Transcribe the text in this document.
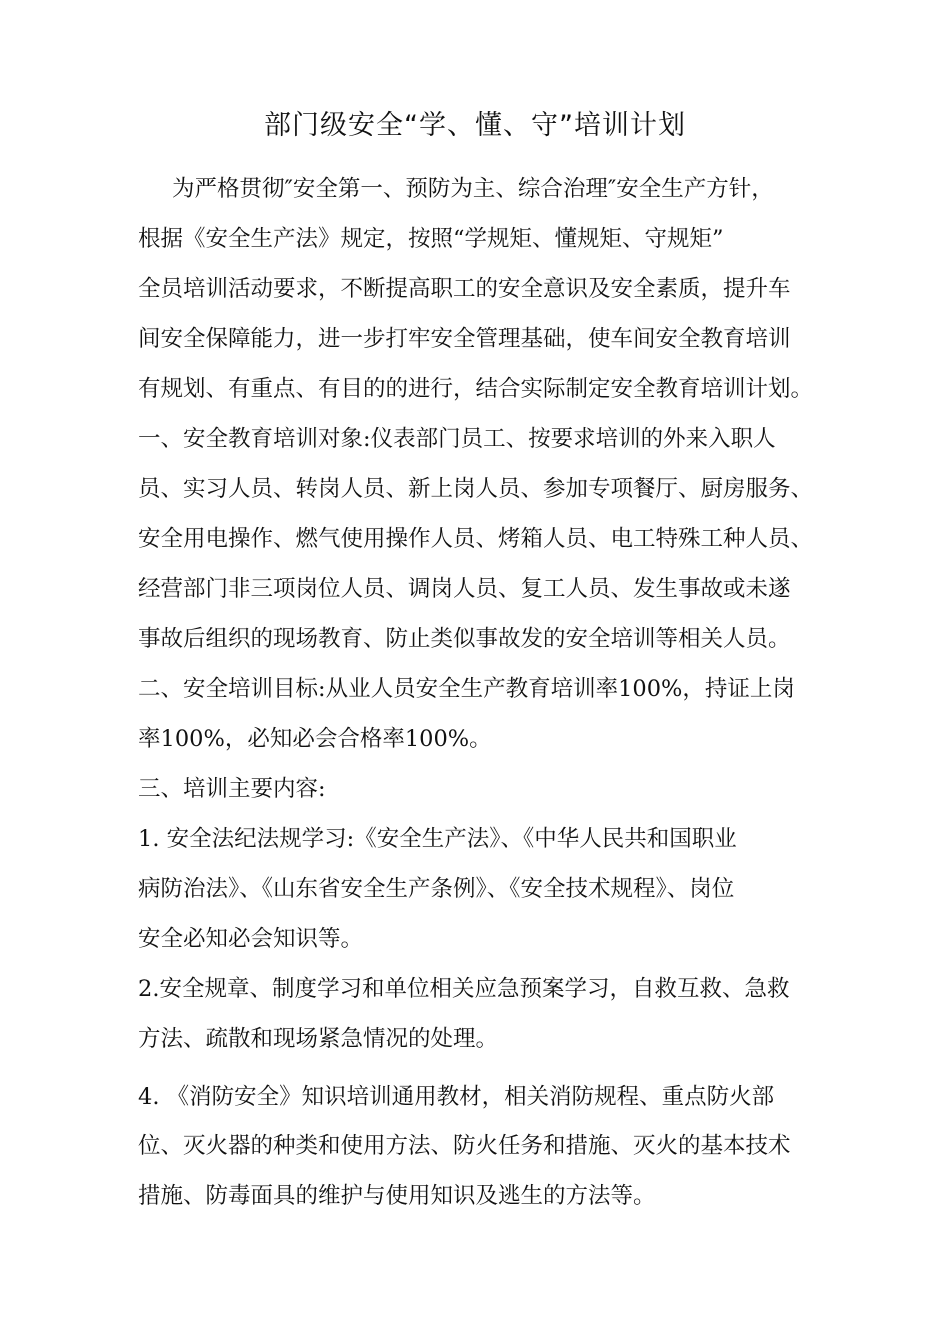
部门级安全“学、懂、守”培训计划
为严格贯彻″安全第一、预防为主、综合治理″安全生产方针，
根据《安全生产法》规定，按照“学规矩、懂规矩、守规矩”
全员培训活动要求，不断提高职工的安全意识及安全素质，提升车
间安全保障能力，进一步打牢安全管理基础，使车间安全教育培训
有规划、有重点、有目的的进行，结合实际制定安全教育培训计划。
一、安全教育培训对象:仪表部门员工、按要求培训的外来入职人
员、实习人员、转岗人员、新上岗人员、参加专项餐厅、厨房服务、
安全用电操作、燃气使用操作人员、烤箱人员、电工特殊工种人员、
经营部门非三项岗位人员、调岗人员、复工人员、发生事故或未遂
事故后组织的现场教育、防止类似事故发的安全培训等相关人员。
二、安全培训目标:从业人员安全生产教育培训率100%，持证上岗
率100%，必知必会合格率100%。
三、培训主要内容:
1. 安全法纪法规学习:《安全生产法》、《中华人民共和国职业
病防治法》、《山东省安全生产条例》、《安全技术规程》、岗位
安全必知必会知识等。
2.安全规章、制度学习和单位相关应急预案学习，自救互救、急救
方法、疏散和现场紧急情况的处理。
4. 《消防安全》知识培训通用教材，相关消防规程、重点防火部
位、灭火器的种类和使用方法、防火任务和措施、灭火的基本技术
措施、防毒面具的维护与使用知识及逃生的方法等。
